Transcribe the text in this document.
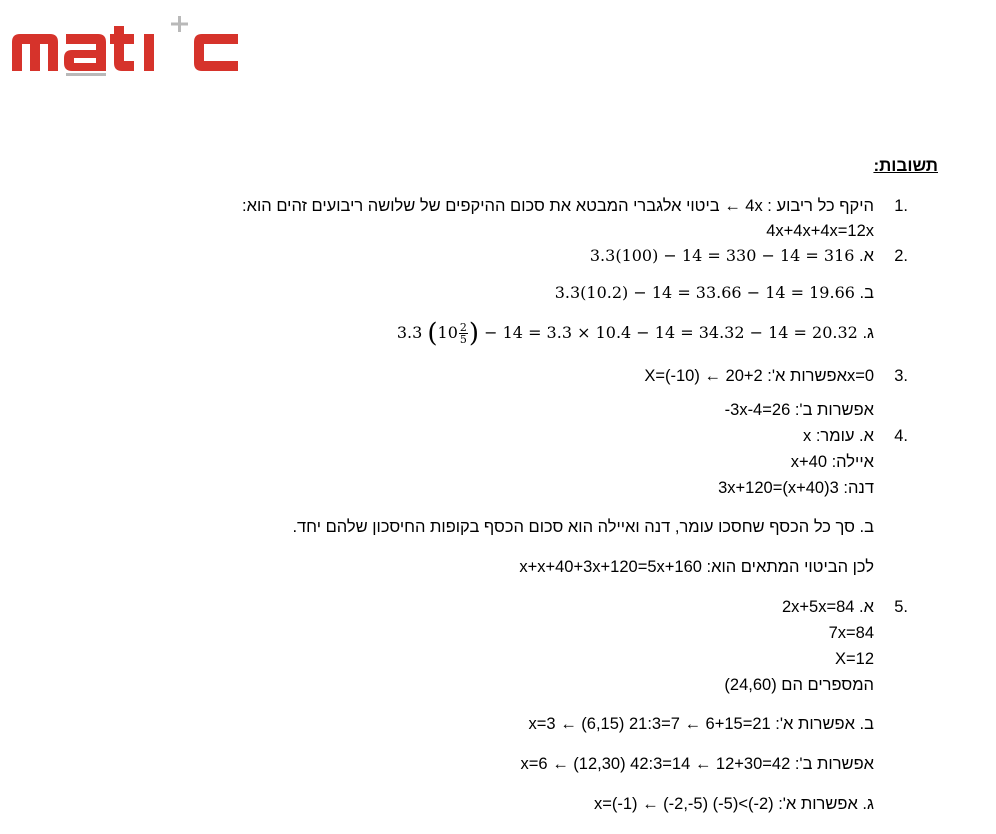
תשובות:
1.
2.
3.
4.
5.
היקף כל ריבוע : 4x ← ביטוי אלגברי המבטא את סכום ההיקפים של שלושה ריבועים זהים הוא:
4x+4x+4x=12x
א. 3.3(100) − 14 = 330 − 14 = 316
ב. 3.3(10.2) − 14 = 33.66 − 14 = 19.66
ג. 3.3 ($10 \frac{2}{5}$ ) − 14 = 3.3 × 10.4 − 14 = 34.32 − 14 = 20.32
X=(-10) ← אפשרות א': 20+2x=0
אפשרות ב': 26=3x-4-
א. עומר: x
איילה: x+40
דנה: 3(x+40)=3x+120
ב. סך כל הכסף שחסכו עומר, דנה ואיילה הוא סכום הכסף בקופות החיסכון שלהם יחד.
לכן הביטוי המתאים הוא: x+x+40+3x+120=5x+160
א. 2x+5x=84
7x=84
X=12
המספרים הם (24,60)
ב. אפשרות א': x=3 ← (6,15) 21:3=7 ← 6+15=21
אפשרות ב': x=6 ← (12,30) 42:3=14 ← 12+30=42
ג. אפשרות א': x=(-1) ← (-2,-5) (-5)<(-2)
